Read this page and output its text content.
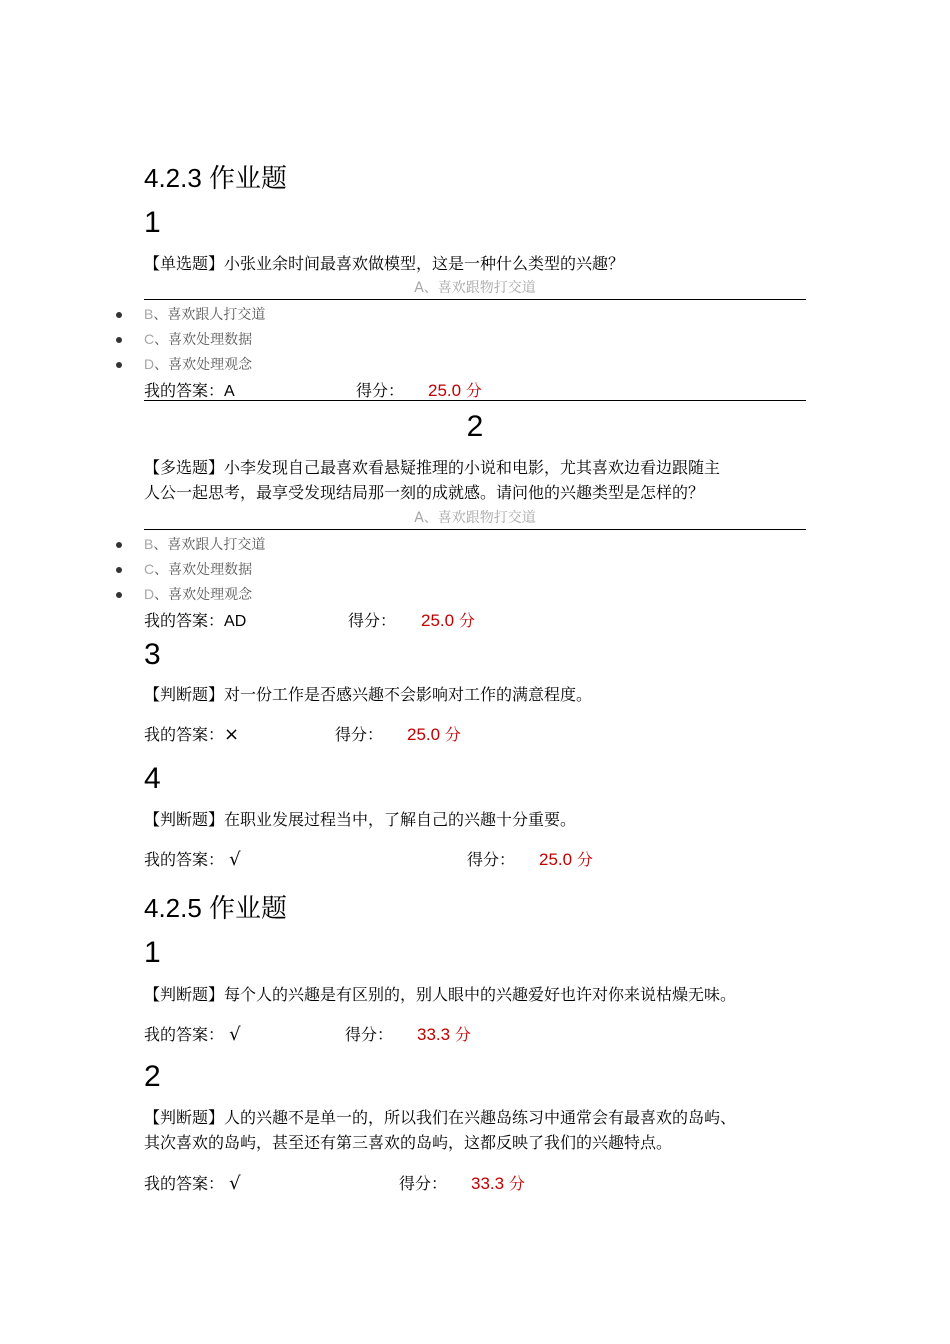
4.2.3 作业题
1
【单选题】小张业余时间最喜欢做模型，这是一种什么类型的兴趣？
A、喜欢跟物打交道
B、喜欢跟人打交道
C、喜欢处理数据
D、喜欢处理观念
我的答案：A	得分： 25.0 分
2
【多选题】小李发现自己最喜欢看悬疑推理的小说和电影，尤其喜欢边看边跟随主
人公一起思考，最享受发现结局那一刻的成就感。请问他的兴趣类型是怎样的？
A、喜欢跟物打交道
B、喜欢跟人打交道
C、喜欢处理数据
D、喜欢处理观念
我的答案：AD	得分： 25.0 分
3
【判断题】对一份工作是否感兴趣不会影响对工作的满意程度。
我的答案：×	得分： 25.0 分
4
【判断题】在职业发展过程当中，了解自己的兴趣十分重要。
我的答案： √	得分： 25.0 分
4.2.5 作业题
1
【判断题】每个人的兴趣是有区别的，别人眼中的兴趣爱好也许对你来说枯燥无味。
我的答案： √	得分： 33.3 分
2
【判断题】人的兴趣不是单一的，所以我们在兴趣岛练习中通常会有最喜欢的岛屿、
其次喜欢的岛屿，甚至还有第三喜欢的岛屿，这都反映了我们的兴趣特点。
我的答案： √	得分： 33.3 分
